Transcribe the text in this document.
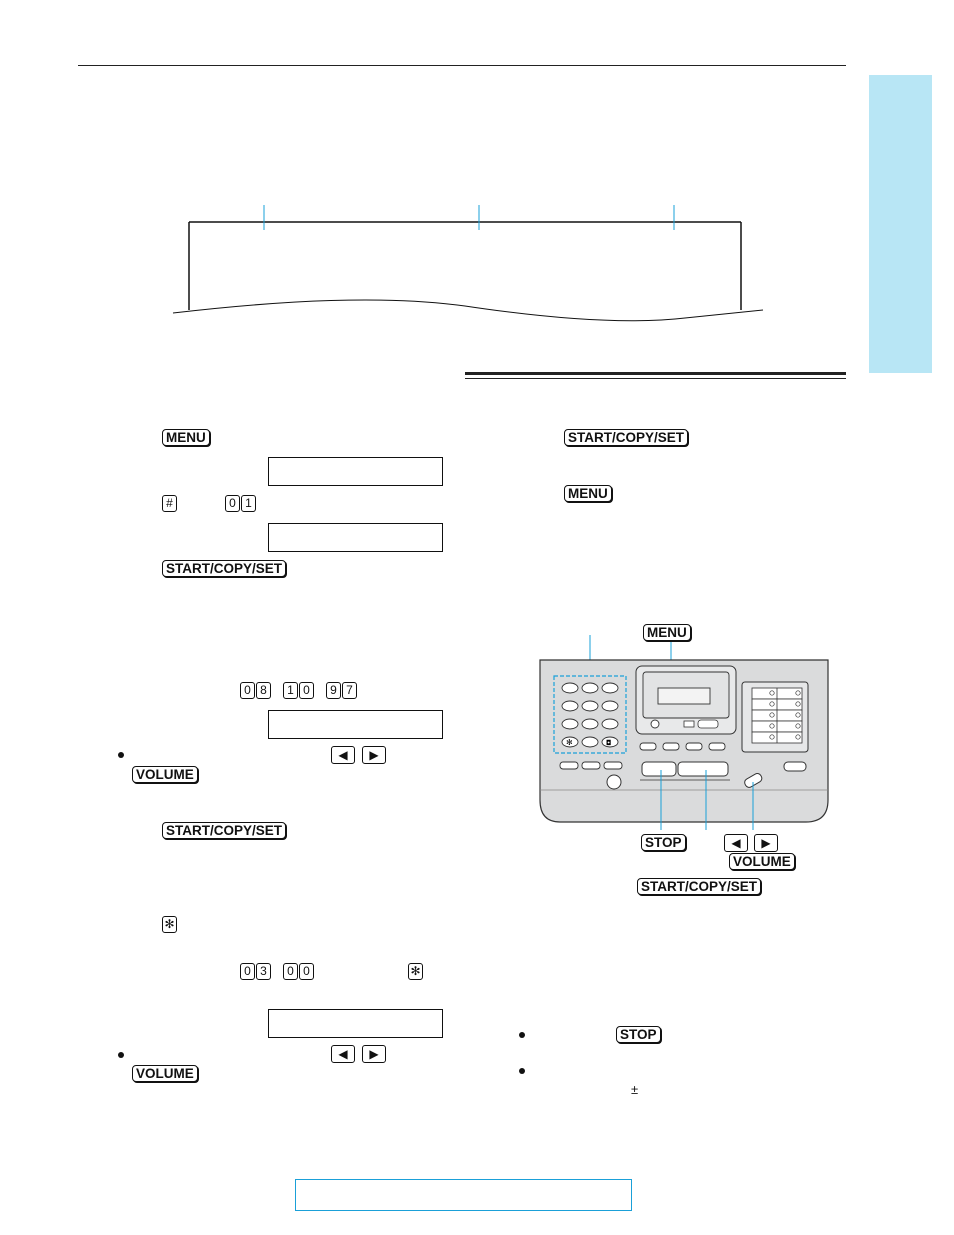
MENU
#	0 1
START/COPY/SET
0 8	1 0	9 7
◀	▶
VOLUME
START/COPY/SET
✻
0 3	0 0	✻
◀	▶
VOLUME
START/COPY/SET
MENU
MENU
✻	◘
STOP	◀	▶
VOLUME
START/COPY/SET
STOP
±
